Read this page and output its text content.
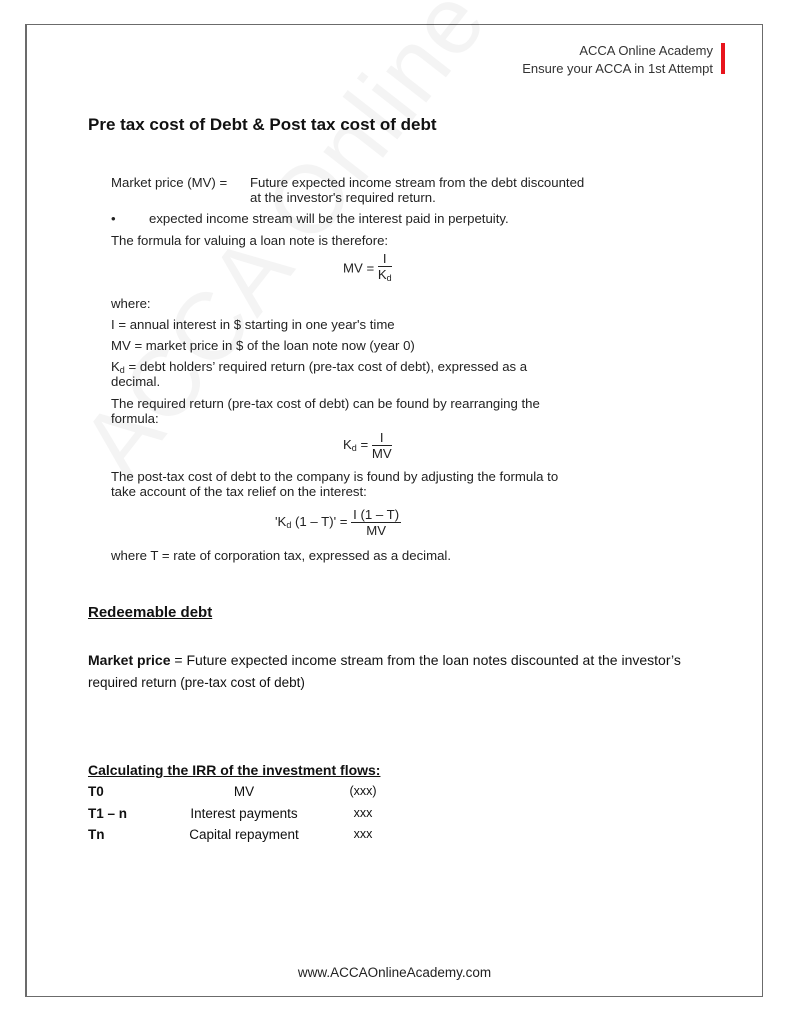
ACCA Online Academy
Ensure your ACCA in 1st Attempt
Pre tax cost of Debt & Post tax cost of debt
Market price (MV) = Future expected income stream from the debt discounted
at the investor's required return.
•	expected income stream will be the interest paid in perpetuity.
The formula for valuing a loan note is therefore:
MV = $\frac{I}{K_d}$
where:
I = annual interest in $ starting in one year's time
MV = market price in $ of the loan note now (year 0)
$K_d$ = debt holders’ required return (pre-tax cost of debt), expressed as a
decimal.
The required return (pre-tax cost of debt) can be found by rearranging the
formula:
$K_d = \frac{I}{MV}$
The post-tax cost of debt to the company is found by adjusting the formula to
take account of the tax relief on the interest:
'$K_d$ $(1 - T)' = \frac{I (1 - T)}{MV}$
where T = rate of corporation tax, expressed as a decimal.
Redeemable debt
Market price = Future expected income stream from the loan notes discounted at the investor’s
required return (pre-tax cost of debt)
Calculating the IRR of the investment flows:
T0	MV	(xxx)
T1 – n	Interest payments	xxx
Tn	Capital repayment	xxx
www.ACCAOnlineAcademy.com
